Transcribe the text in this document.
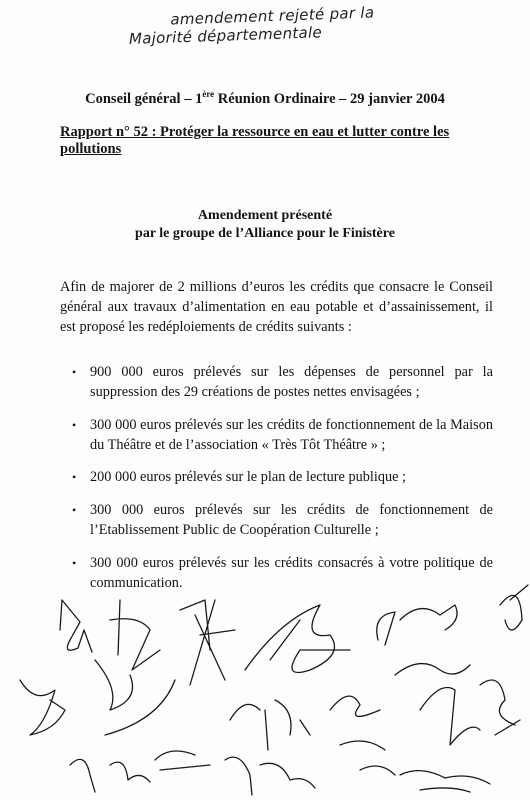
amendement rejeté par la
Majorité départementale
Conseil général – 1ère Réunion Ordinaire – 29 janvier 2004
Rapport n° 52 : Protéger la ressource en eau et lutter contre les pollutions
Amendement présenté
par le groupe de l’Alliance pour le Finistère
Afin de majorer de 2 millions d’euros les crédits que consacre le Conseil général aux travaux d’alimentation en eau potable et d’assainissement, il est proposé les redéploiements de crédits suivants :
• 900 000 euros prélevés sur les dépenses de personnel par la suppression des 29 créations de postes nettes envisagées ;
• 300 000 euros prélevés sur les crédits de fonctionnement de la Maison du Théâtre et de l’association « Très Tôt Théâtre » ;
• 200 000 euros prélevés sur le plan de lecture publique ;
• 300 000 euros prélevés sur les crédits de fonctionnement de l’Etablissement Public de Coopération Culturelle ;
• 300 000 euros prélevés sur les crédits consacrés à votre politique de communication.
